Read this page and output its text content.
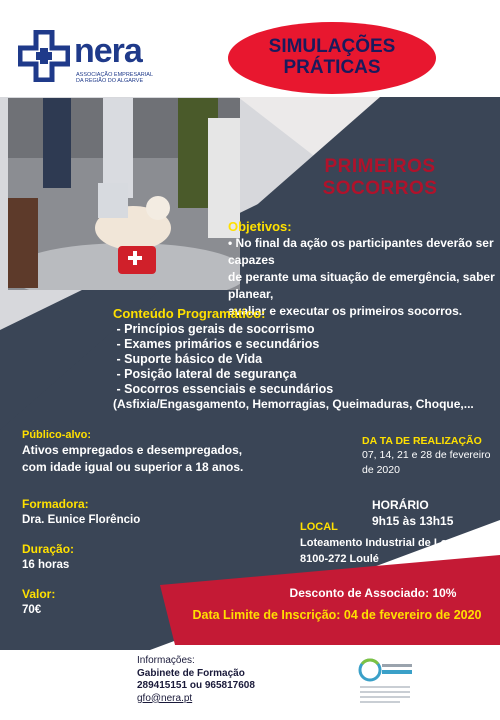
nera
ASSOCIAÇÃO EMPRESARIAL
DA REGIÃO DO ALGARVE
SIMULAÇÕES
PRÁTICAS
PRIMEIROS
SOCORROS
Objetivos:
• No final da ação os participantes deverão ser capazes
de perante uma situação de emergência, saber planear,
avaliar e executar os primeiros socorros.
Conteúdo Programático:
- Princípios gerais de socorrismo
- Exames primários e secundários
- Suporte básico de Vida
- Posição lateral de segurança
- Socorros essenciais e secundários
(Asfixia/Engasgamento, Hemorragias, Queimaduras, Choque,...
Público-alvo:
Ativos empregados e desempregados,
com idade igual ou superior a 18 anos.
DA TA DE REALIZAÇÃO
07, 14, 21 e 28 de fevereiro
de 2020
HORÁRIO
9h15 às 13h15
Formadora:
Dra. Eunice Florêncio
LOCAL
Loteamento Industrial de Loulé
8100-272 Loulé
Duração:
16 horas
Valor:
70€
Desconto de Associado: 10%
Data Limite de Inscrição: 04 de fevereiro de 2020
Informações:
Gabinete de Formação
289415151 ou 965817608
gfo@nera.pt
